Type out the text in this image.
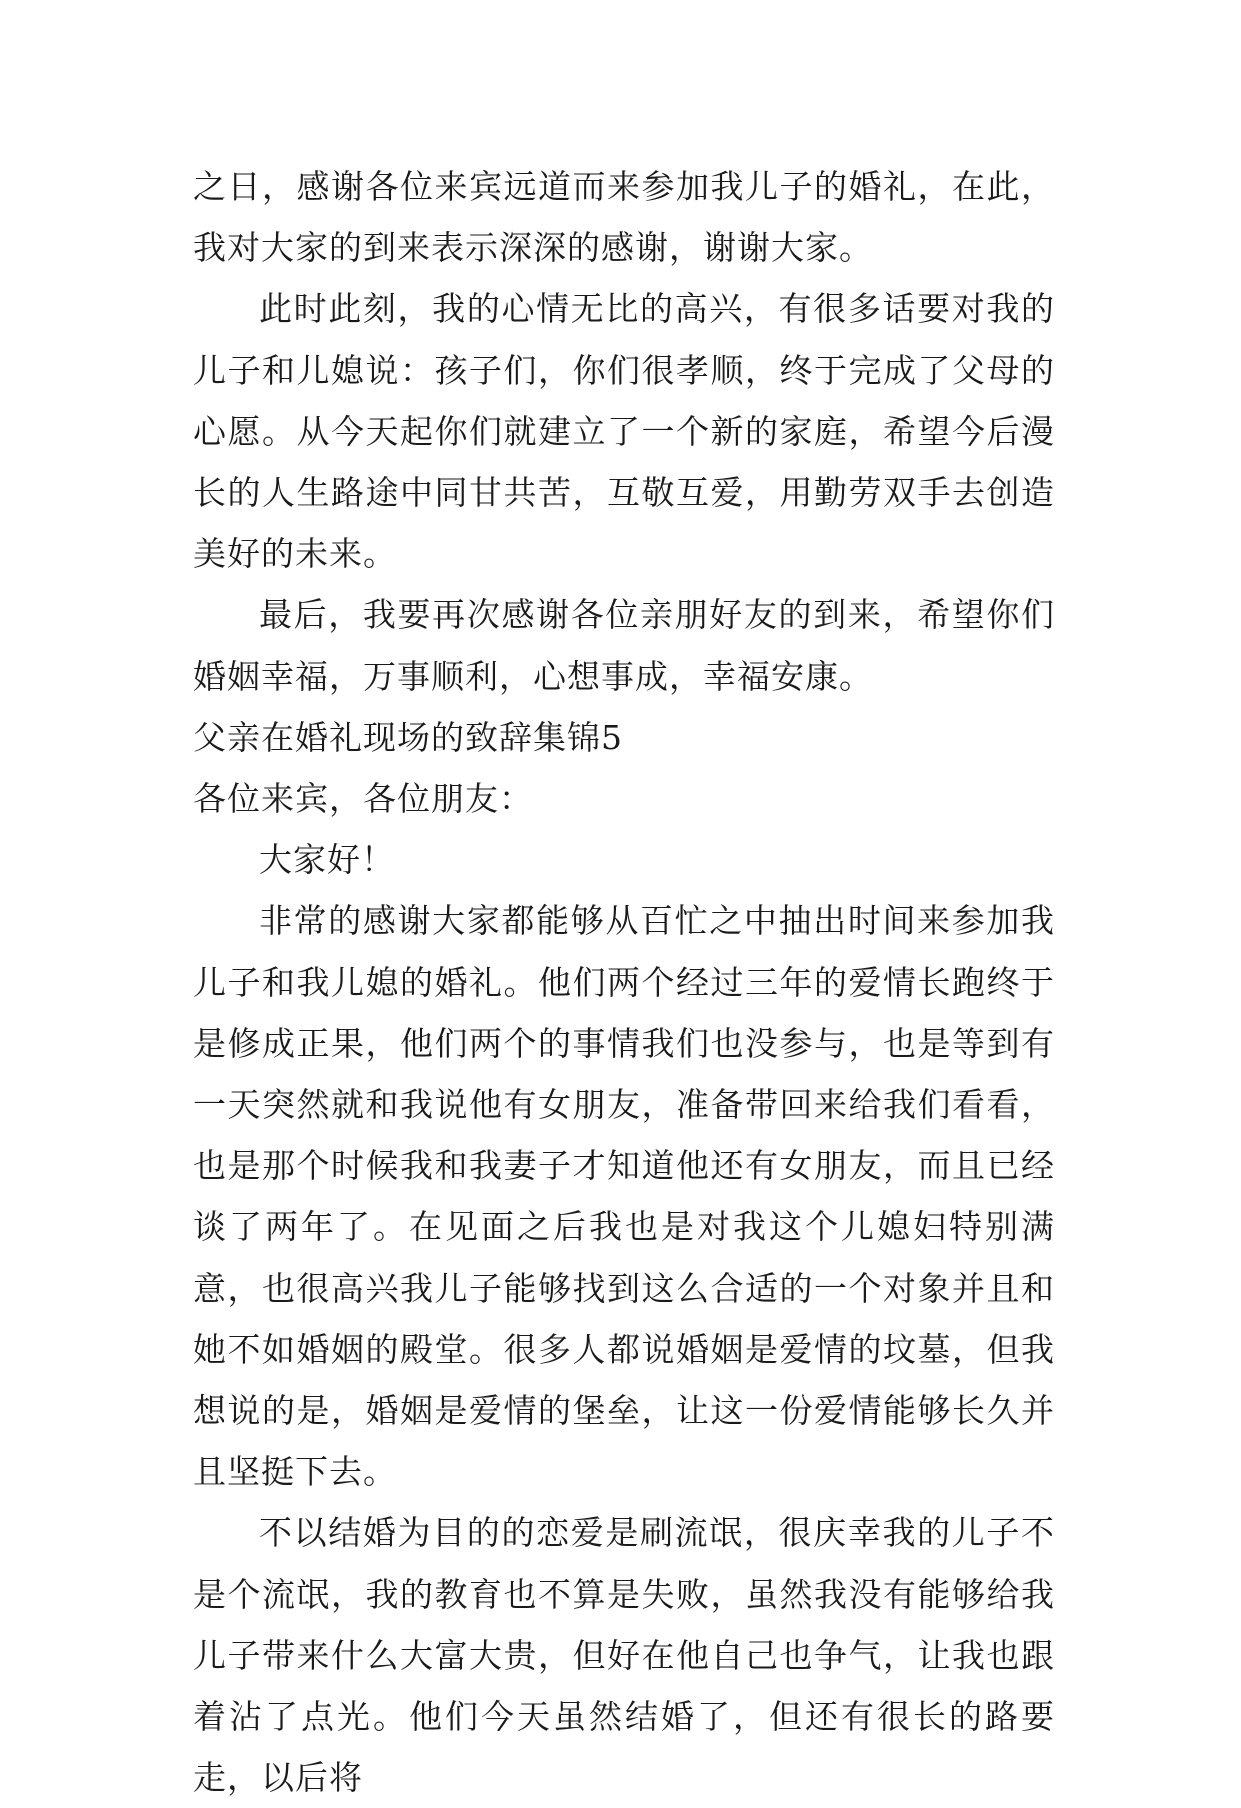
之日，感谢各位来宾远道而来参加我儿子的婚礼，在此，我对大家的到来表示深深的感谢，谢谢大家。

此时此刻，我的心情无比的高兴，有很多话要对我的儿子和儿媳说：孩子们，你们很孝顺，终于完成了父母的心愿。从今天起你们就建立了一个新的家庭，希望今后漫长的人生路途中同甘共苦，互敬互爱，用勤劳双手去创造美好的未来。

最后，我要再次感谢各位亲朋好友的到来，希望你们婚姻幸福，万事顺利，心想事成，幸福安康。

父亲在婚礼现场的致辞集锦5

各位来宾，各位朋友：

大家好！

非常的感谢大家都能够从百忙之中抽出时间来参加我儿子和我儿媳的婚礼。他们两个经过三年的爱情长跑终于是修成正果，他们两个的事情我们也没参与，也是等到有一天突然就和我说他有女朋友，准备带回来给我们看看，也是那个时候我和我妻子才知道他还有女朋友，而且已经谈了两年了。在见面之后我也是对我这个儿媳妇特别满意，也很高兴我儿子能够找到这么合适的一个对象并且和她不如婚姻的殿堂。很多人都说婚姻是爱情的坟墓，但我想说的是，婚姻是爱情的堡垒，让这一份爱情能够长久并且坚挺下去。

不以结婚为目的的恋爱是刷流氓，很庆幸我的儿子不是个流氓，我的教育也不算是失败，虽然我没有能够给我儿子带来什么大富大贵，但好在他自己也争气，让我也跟着沾了点光。他们今天虽然结婚了，但还有很长的路要走，以后将
